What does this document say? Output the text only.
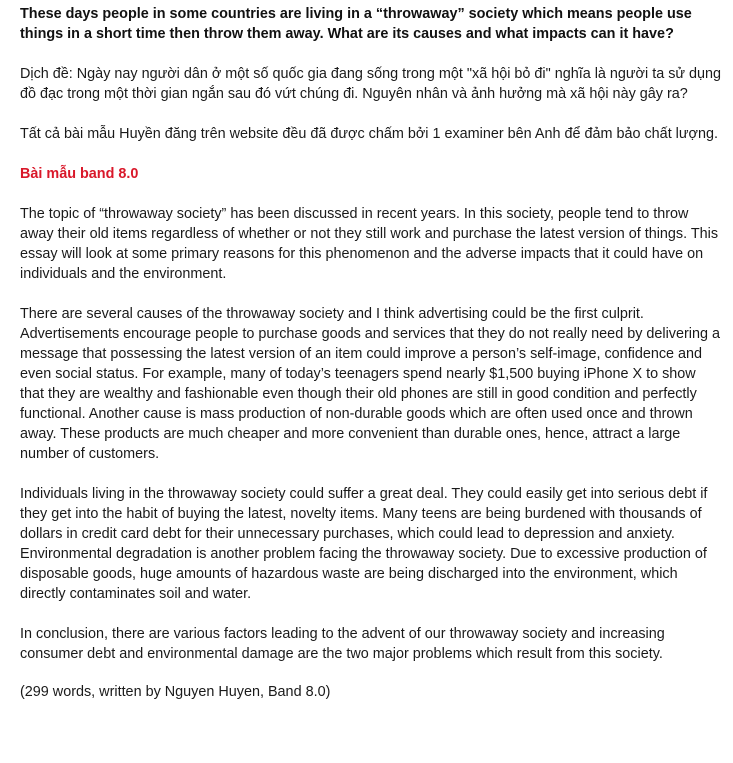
These days people in some countries are living in a “throwaway” society which means people use things in a short time then throw them away. What are its causes and what impacts can it have?

Dịch đề: Ngày nay người dân ở một số quốc gia đang sống trong một "xã hội bỏ đi" nghĩa là người ta sử dụng đồ đạc trong một thời gian ngắn sau đó vứt chúng đi. Nguyên nhân và ảnh hưởng mà xã hội này gây ra?

Tất cả bài mẫu Huyền đăng trên website đều đã được chấm bởi 1 examiner bên Anh để đảm bảo chất lượng.

Bài mẫu band 8.0

The topic of “throwaway society” has been discussed in recent years. In this society, people tend to throw away their old items regardless of whether or not they still work and purchase the latest version of things. This essay will look at some primary reasons for this phenomenon and the adverse impacts that it could have on individuals and the environment.

There are several causes of the throwaway society and I think advertising could be the first culprit. Advertisements encourage people to purchase goods and services that they do not really need by delivering a message that possessing the latest version of an item could improve a person’s self-image, confidence and even social status. For example, many of today’s teenagers spend nearly $1,500 buying iPhone X to show that they are wealthy and fashionable even though their old phones are still in good condition and perfectly functional. Another cause is mass production of non-durable goods which are often used once and thrown away. These products are much cheaper and more convenient than durable ones, hence, attract a large number of customers.

Individuals living in the throwaway society could suffer a great deal. They could easily get into serious debt if they get into the habit of buying the latest, novelty items. Many teens are being burdened with thousands of dollars in credit card debt for their unnecessary purchases, which could lead to depression and anxiety. Environmental degradation is another problem facing the throwaway society. Due to excessive production of disposable goods, huge amounts of hazardous waste are being discharged into the environment, which directly contaminates soil and water.

In conclusion, there are various factors leading to the advent of our throwaway society and increasing consumer debt and environmental damage are the two major problems which result from this society.

(299 words, written by Nguyen Huyen, Band 8.0)
